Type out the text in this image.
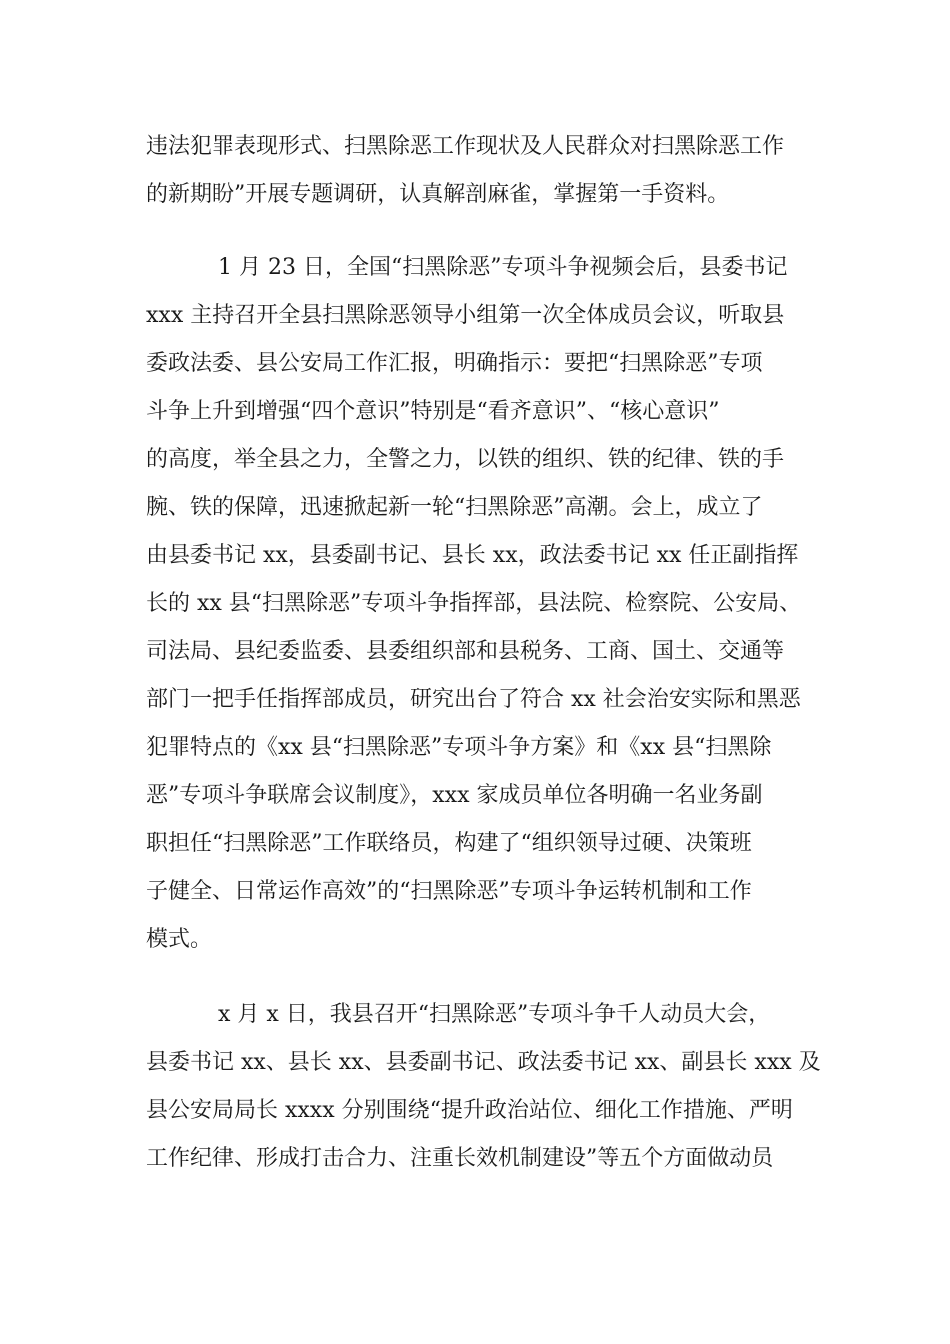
违法犯罪表现形式、扫黑除恶工作现状及人民群众对扫黑除恶工作
的新期盼”开展专题调研，认真解剖麻雀，掌握第一手资料。
1 月 23 日，全国“扫黑除恶”专项斗争视频会后，县委书记
xxx 主持召开全县扫黑除恶领导小组第一次全体成员会议，听取县
委政法委、县公安局工作汇报，明确指示：要把“扫黑除恶”专项
斗争上升到增强“四个意识”特别是“看齐意识”、“核心意识”
的高度，举全县之力，全警之力，以铁的组织、铁的纪律、铁的手
腕、铁的保障，迅速掀起新一轮“扫黑除恶”高潮。会上，成立了
由县委书记 xx，县委副书记、县长 xx，政法委书记 xx 任正副指挥
长的 xx 县“扫黑除恶”专项斗争指挥部，县法院、检察院、公安局、
司法局、县纪委监委、县委组织部和县税务、工商、国土、交通等
部门一把手任指挥部成员，研究出台了符合 xx 社会治安实际和黑恶
犯罪特点的《xx 县“扫黑除恶”专项斗争方案》和《xx 县“扫黑除
恶”专项斗争联席会议制度》，xxx 家成员单位各明确一名业务副
职担任“扫黑除恶”工作联络员，构建了“组织领导过硬、决策班
子健全、日常运作高效”的“扫黑除恶”专项斗争运转机制和工作
模式。
x 月 x 日，我县召开“扫黑除恶”专项斗争千人动员大会，
县委书记 xx、县长 xx、县委副书记、政法委书记 xx、副县长 xxx 及
县公安局局长 xxxx 分别围绕“提升政治站位、细化工作措施、严明
工作纪律、形成打击合力、注重长效机制建设”等五个方面做动员
